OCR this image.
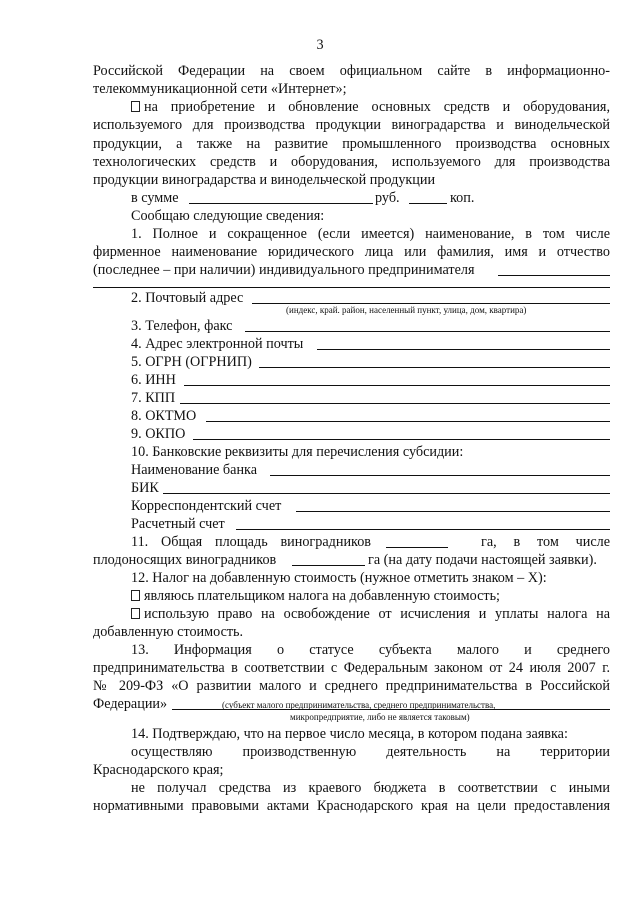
3
Российской Федерации на своем официальном сайте в информационно-
телекоммуникационной сети «Интернет»;
на приобретение и обновление основных средств и оборудования,
используемого для производства продукции виноградарства и винодельческой
продукции, а также на развитие промышленного производства основных
технологических средств и оборудования, используемого для производства
продукции виноградарства и винодельческой продукции
в сумме	руб.	коп.
Сообщаю следующие сведения:
1. Полное и сокращенное (если имеется) наименование, в том числе
фирменное наименование юридического лица или фамилия, имя и отчество
(последнее – при наличии) индивидуального предпринимателя
2. Почтовый адрес
(индекс, край. район, населенный пункт, улица, дом, квартира)
3. Телефон, факс
4. Адрес электронной почты
5. ОГРН (ОГРНИП)
6. ИНН
7. КПП
8. ОКТМО
9. ОКПО
10. Банковские реквизиты для перечисления субсидии:
Наименование банка
БИК
Корреспондентский счет
Расчетный счет
11. Общая площадь виноградников	га, в том числе
плодоносящих виноградников	га (на дату подачи настоящей заявки).
12. Налог на добавленную стоимость (нужное отметить знаком – Х):
являюсь плательщиком налога на добавленную стоимость;
использую право на освобождение от исчисления и уплаты налога на
добавленную стоимость.
13. Информация о статусе субъекта малого и среднего
предпринимательства в соответствии с Федеральным законом от 24 июля 2007 г.
№ 209-ФЗ «О развитии малого и среднего предпринимательства в Российской
Федерации»	(субъект малого предпринимательства, среднего предпринимательства,
микропредприятие, либо не является таковым)
14. Подтверждаю, что на первое число месяца, в котором подана заявка:
осуществляю производственную деятельность на территории
Краснодарского края;
не получал средства из краевого бюджета в соответствии с иными
нормативными правовыми актами Краснодарского края на цели предоставления
